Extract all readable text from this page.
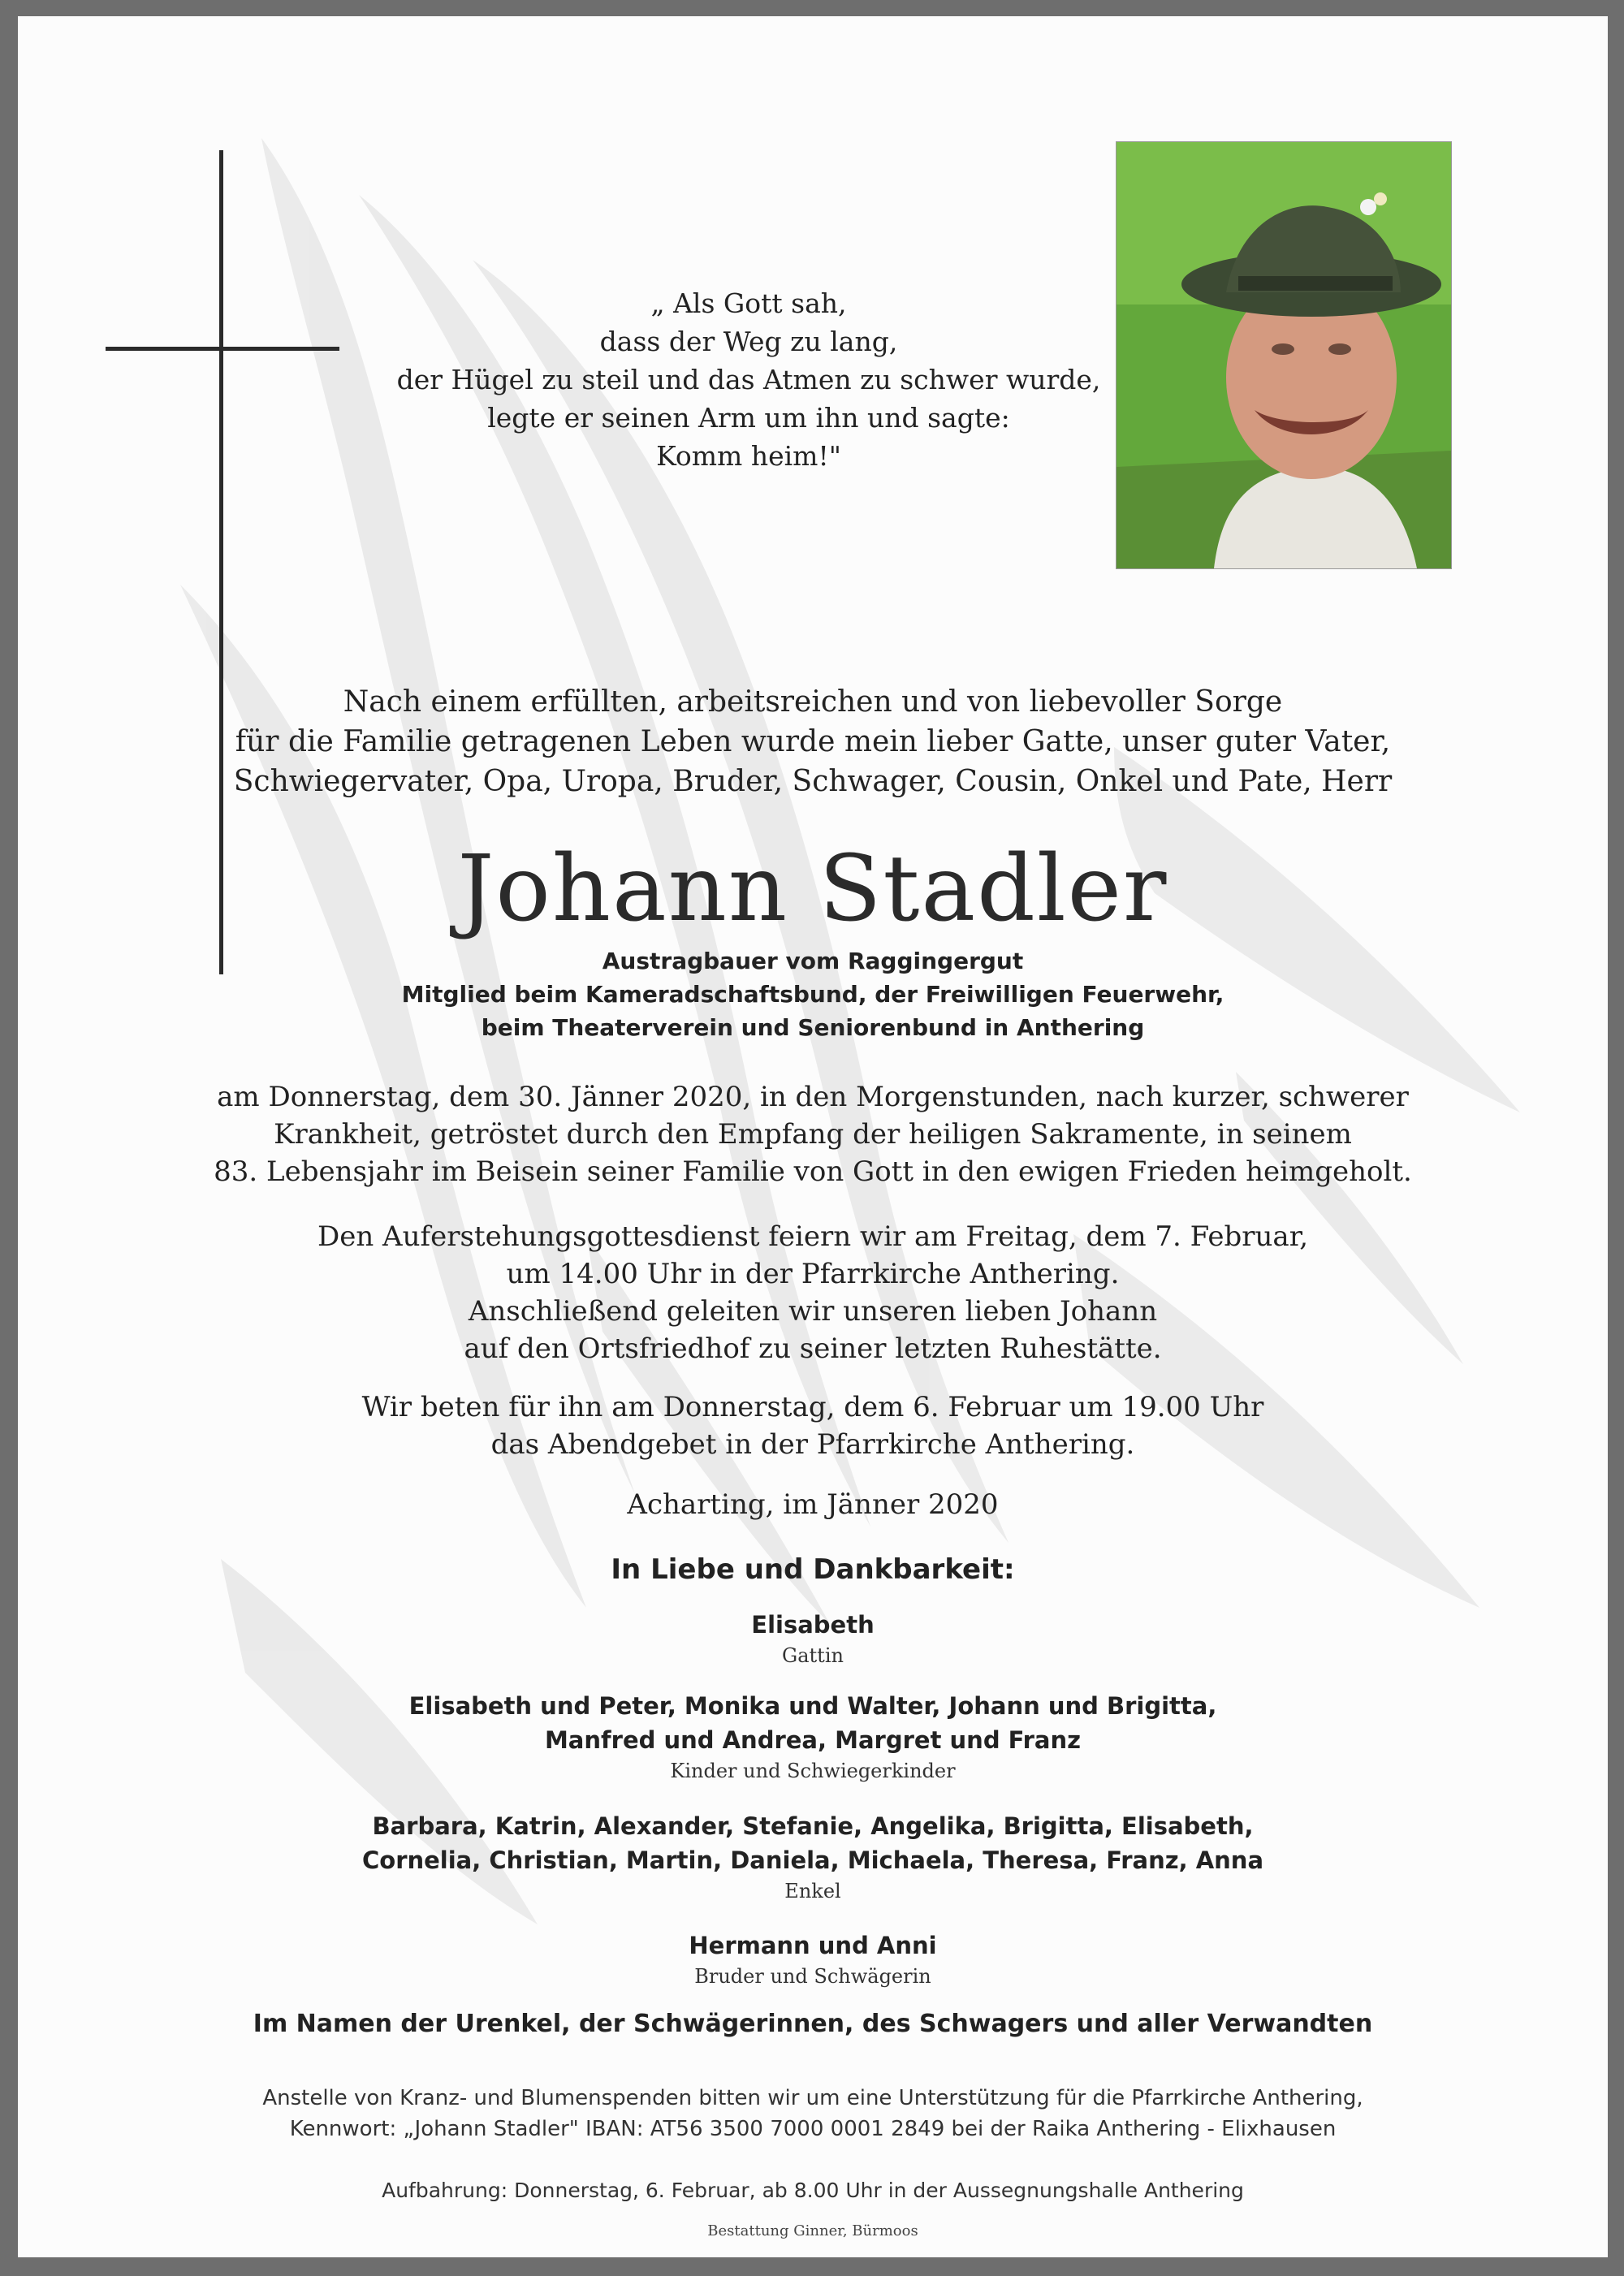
„ Als Gott sah,
dass der Weg zu lang,
der Hügel zu steil und das Atmen zu schwer wurde,
legte er seinen Arm um ihn und sagte:
Komm heim!"
Nach einem erfüllten, arbeitsreichen und von liebevoller Sorge
für die Familie getragenen Leben wurde mein lieber Gatte, unser guter Vater,
Schwiegervater, Opa, Uropa, Bruder, Schwager, Cousin, Onkel und Pate, Herr
Johann Stadler
Austragbauer vom Raggingergut
Mitglied beim Kameradschaftsbund, der Freiwilligen Feuerwehr,
beim Theaterverein und Seniorenbund in Anthering
am Donnerstag, dem 30. Jänner 2020, in den Morgenstunden, nach kurzer, schwerer
Krankheit, getröstet durch den Empfang der heiligen Sakramente, in seinem
83. Lebensjahr im Beisein seiner Familie von Gott in den ewigen Frieden heimgeholt.
Den Auferstehungsgottesdienst feiern wir am Freitag, dem 7. Februar,
um 14.00 Uhr in der Pfarrkirche Anthering.
Anschließend geleiten wir unseren lieben Johann
auf den Ortsfriedhof zu seiner letzten Ruhestätte.
Wir beten für ihn am Donnerstag, dem 6. Februar um 19.00 Uhr
das Abendgebet in der Pfarrkirche Anthering.
Acharting, im Jänner 2020
In Liebe und Dankbarkeit:
Elisabeth
Gattin
Elisabeth und Peter, Monika und Walter, Johann und Brigitta,
Manfred und Andrea, Margret und Franz
Kinder und Schwiegerkinder
Barbara, Katrin, Alexander, Stefanie, Angelika, Brigitta, Elisabeth,
Cornelia, Christian, Martin, Daniela, Michaela, Theresa, Franz, Anna
Enkel
Hermann und Anni
Bruder und Schwägerin
Im Namen der Urenkel, der Schwägerinnen, des Schwagers und aller Verwandten
Anstelle von Kranz- und Blumenspenden bitten wir um eine Unterstützung für die Pfarrkirche Anthering,
Kennwort: „Johann Stadler" IBAN: AT56 3500 7000 0001 2849 bei der Raika Anthering - Elixhausen
Aufbahrung: Donnerstag, 6. Februar, ab 8.00 Uhr in der Aussegnungshalle Anthering
Bestattung Ginner, Bürmoos
